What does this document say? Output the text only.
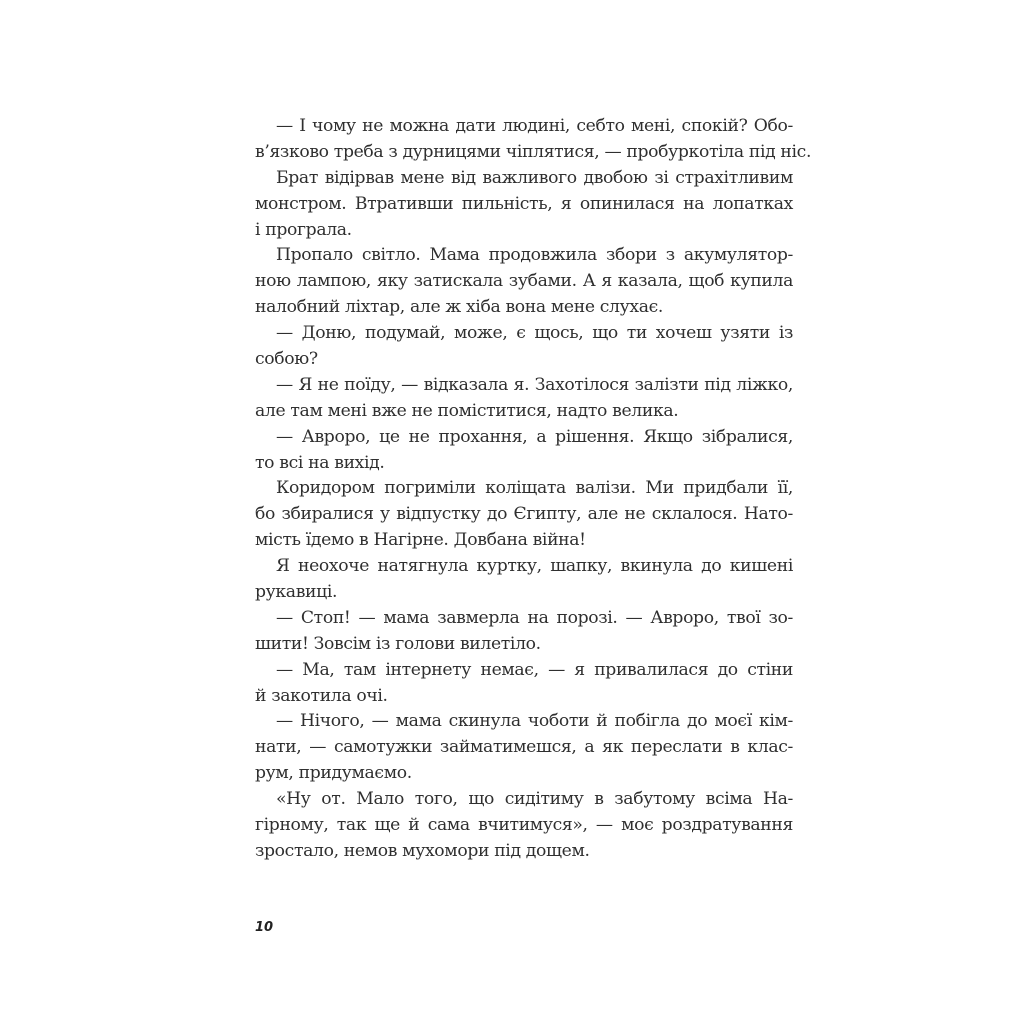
— І чому не можна дати людині, себто мені, спокій? Обо-
в’язково треба з дурницями чіплятися, — пробуркотіла під ніс.

Брат відірвав мене від важливого двобою зі страхітливим
монстром. Втративши пильність, я опинилася на лопатках
і програла.

Пропало світло. Мама продовжила збори з акумулятор-
ною лампою, яку затискала зубами. А я казала, щоб купила
налобний ліхтар, але ж хіба вона мене слухає.

— Доню, подумай, може, є щось, що ти хочеш узяти із
собою?

— Я не поїду, — відказала я. Захотілося залізти під ліжко,
але там мені вже не поміститися, надто велика.

— Авроро, це не прохання, а рішення. Якщо зібралися,
то всі на вихід.

Коридором погриміли коліщата валізи. Ми придбали її,
бо збиралися у відпустку до Єгипту, але не склалося. Нато-
мість їдемо в Нагірне. Довбана війна!

Я неохоче натягнула куртку, шапку, вкинула до кишені
рукавиці.

— Стоп! — мама завмерла на порозі. — Авроро, твої зо-
шити! Зовсім із голови вилетіло.

— Ма, там інтернету немає, — я привалилася до стіни
й закотила очі.

— Нічого, — мама скинула чоботи й побігла до моєї кім-
нати, — самотужки займатимешся, а як переслати в клас-
рум, придумаємо.

«Ну от. Мало того, що сидітиму в забутому всіма На-
гірному, так ще й сама вчитимуся», — моє роздратування
зростало, немов мухомори під дощем.

10
